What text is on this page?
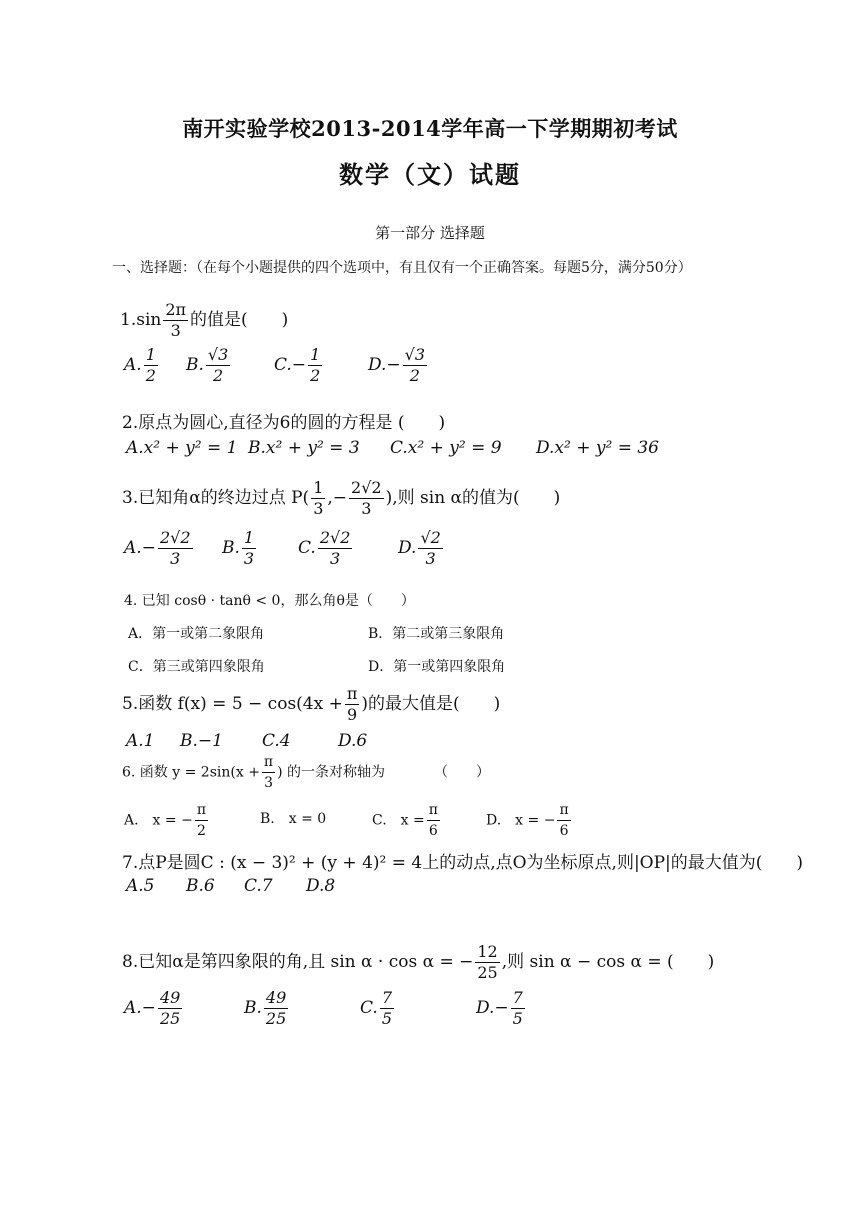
南开实验学校2013-2014学年高一下学期期初考试
数学（文）试题
第一部分 选择题
一、选择题：（在每个小题提供的四个选项中，有且仅有一个正确答案。每题5分，满分50分）
$1.\sin \frac{2\pi}{3}$ 的值是(　　)
A. $\frac{1}{2} B$. $\frac{√3}{2}$	$C.- \frac{1}{2}$	$D.- \frac{√3}{2}$
2.原点为圆心,直径为6的圆的方程是 (　　)
A.x² + y² = 1 B.x² + y² = 3 C.x² + y² = 9 D.x² + y² = 36
3.已知角α的终边过点 $P( \frac{1}{3}$ ,− $\frac{2√2}{3}$ ),则 sin α的值为(　　)
$A.- \frac{2√2}{3} B$. $\frac{1}{3} C$. $\frac{2√2}{3}$	D. $\frac{√2}{3}$
4. 已知 cosθ · tanθ < 0，那么角θ是（　　）
A．第一或第二象限角	B．第二或第三象限角
C．第三或第四象限角	D．第一或第四象限角
5.函数 $f(x) = 5 - \cos(4x + \frac{\pi}{9}$ )的最大值是(　　)
A.1 B.−1 C.4	D.6
6. 函数 $y = 2\sin(x + \frac{\pi}{3}$ ) 的一条对称轴为　　　　（　　）
A.　x = − $\frac{\pi}{2}$	B.　x = 0	C.　$x = \frac{\pi}{6}$	D.　x = − $\frac{\pi}{6}$
7.点P是圆C : (x − 3)² + (y + 4)² = 4上的动点,点O为坐标原点,则|OP|的最大值为(　　)
A.5 B.6 C.7 D.8
8.已知α是第四象限的角,且 sin α · cos α = − $\frac{12}{25}$ ,则 sin α − cos α = (　　)
$A.- \frac{49}{25}$	B. $\frac{49}{25}$	C. $\frac{7}{5}$	$D.- \frac{7}{5}$
